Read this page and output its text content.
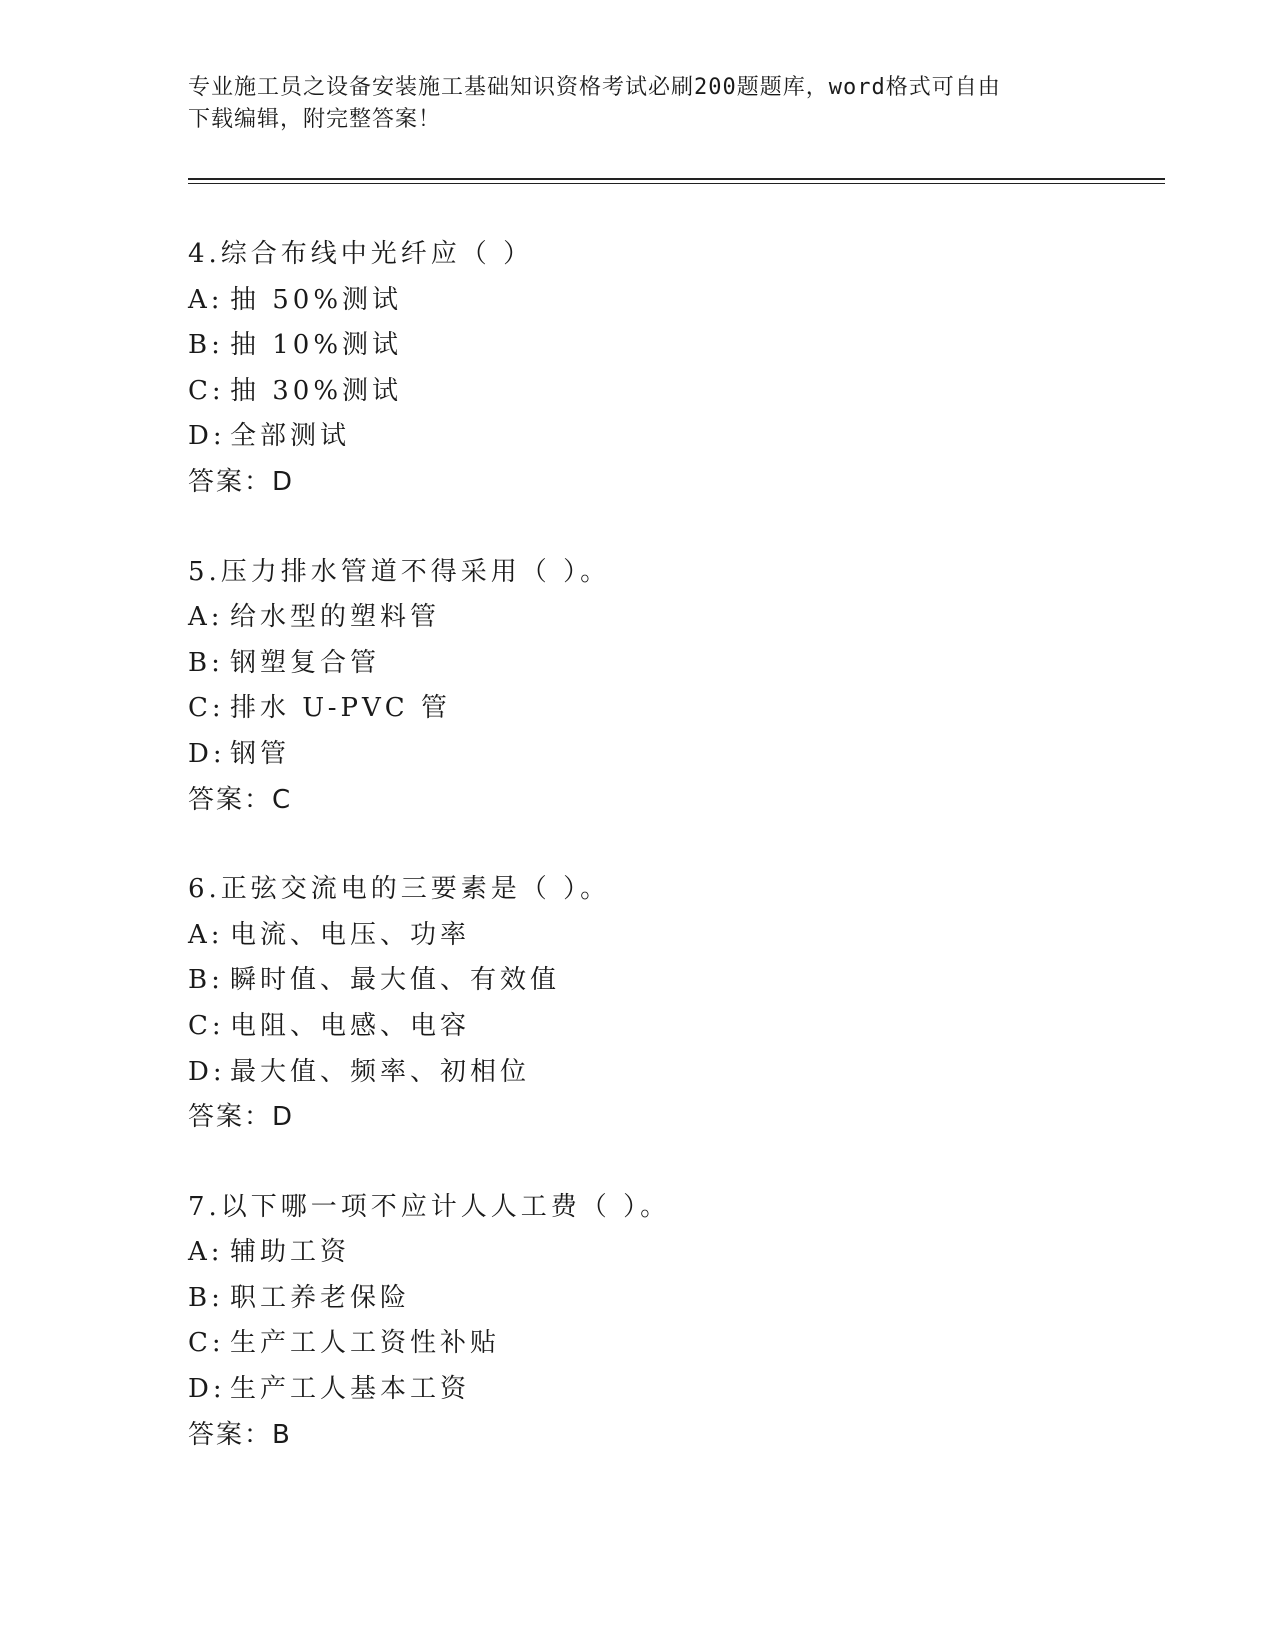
专业施工员之设备安装施工基础知识资格考试必刷200题题库，word格式可自由
下载编辑，附完整答案！
4.综合布线中光纤应（ ）
A: 抽 50%测试
B: 抽 10%测试
C: 抽 30%测试
D: 全部测试
答案：D
5.压力排水管道不得采用（ ）。
A: 给水型的塑料管
B: 钢塑复合管
C: 排水 U-PVC 管
D: 钢管
答案：C
6.正弦交流电的三要素是（ ）。
A: 电流、电压、功率
B: 瞬时值、最大值、有效值
C: 电阻、电感、电容
D: 最大值、频率、初相位
答案：D
7.以下哪一项不应计人人工费（ ）。
A: 辅助工资
B: 职工养老保险
C: 生产工人工资性补贴
D: 生产工人基本工资
答案：B
